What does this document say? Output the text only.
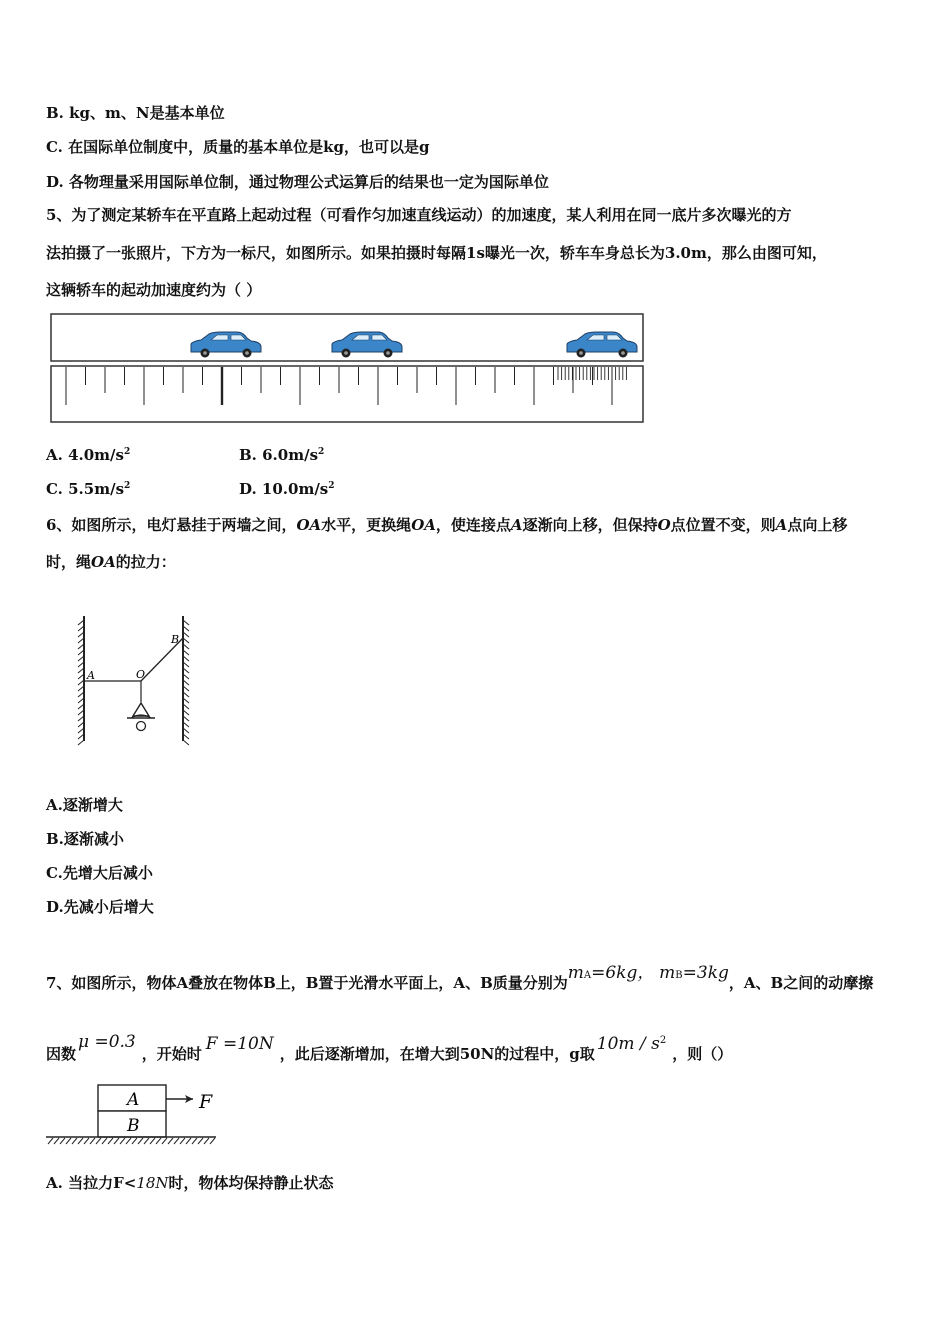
B. kg、m、N是基本单位
C. 在国际单位制度中，质量的基本单位是kg，也可以是g
D. 各物理量采用国际单位制，通过物理公式运算后的结果也一定为国际单位
5、为了测定某轿车在平直路上起动过程（可看作匀加速直线运动）的加速度，某人利用在同一底片多次曝光的方
法拍摄了一张照片，下方为一标尺，如图所示。如果拍摄时每隔1s曝光一次，轿车车身总长为3.0m，那么由图可知，
这辆轿车的起动加速度约为（ ）
A. $4.0m/s^2$	B. $6.0m/s^2$
C. $5.5m/s^2$	D. $10.0m/s^2$
6、如图所示，电灯悬挂于两墙之间，OA水平，更换绳OA，使连接点A逐渐向上移，但保持O点位置不变，则A点向上移
时，绳OA的拉力：
A
B
O
A.逐渐增大
B.逐渐减小
C.先增大后减小
D.先减小后增大
7、如图所示，物体A叠放在物体B上，B置于光滑水平面上，A、B质量分别为mA=6kg， mB=3kg，A、B之间的动摩擦
因数μ =0.3，开始时 F =10N ，此后逐渐增加，在增大到50N的过程中，g取 $10m / s^2$，则（）
A
B
F
A. 当拉力F<18N时，物体均保持静止状态
